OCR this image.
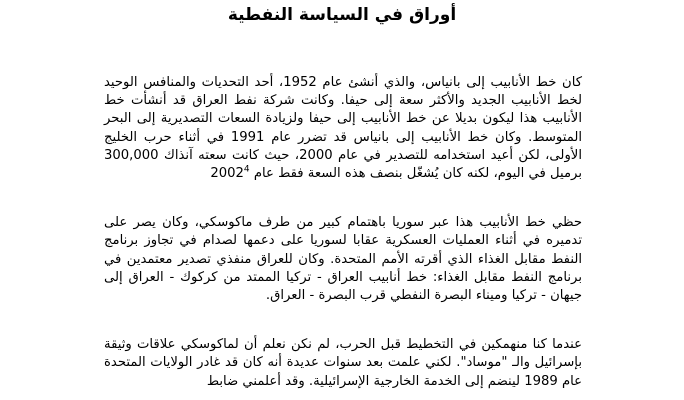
أوراق في السياسة النفطية

كان خط الأنابيب إلى بانياس، والذي أنشئ عام 1952، أحد التحديات والمنافس الوحيد لخط الأنابيب الجديد والأكثر سعة إلى حيفا. وكانت شركة نفط العراق قد أنشأت خط الأنابيب هذا ليكون بديلا عن خط الأنابيب إلى حيفا ولزيادة السعات التصديرية إلى البحر المتوسط. وكان خط الأنابيب إلى بانياس قد تضرر عام 1991 في أثناء حرب الخليج الأولى، لكن أعيد استخدامه للتصدير في عام 2000، حيث كانت سعته آنذاك 300,000 برميل في اليوم، لكنه كان يُشغّل بنصف هذه السعة فقط عام 2002$^4$

حظي خط الأنابيب هذا عبر سوريا باهتمام كبير من طرف ماكوسكي، وكان يصر على تدميره في أثناء العمليات العسكرية عقابا لسوريا على دعمها لصدام في تجاوز برنامج النفط مقابل الغذاء الذي أقرته الأمم المتحدة. وكان للعراق منفذي تصدير معتمدين في برنامج النفط مقابل الغذاء: خط أنابيب العراق - تركيا الممتد من كركوك - العراق إلى جيهان - تركيا وميناء البصرة النفطي قرب البصرة - العراق.

عندما كنا منهمكين في التخطيط قبل الحرب، لم نكن نعلم أن لماكوسكي علاقات وثيقة بإسرائيل والـ "موساد". لكني علمت بعد سنوات عديدة أنه كان قد غادر الولايات المتحدة عام 1989 لينضم إلى الخدمة الخارجية الإسرائيلية. وقد أعلمني ضابط
